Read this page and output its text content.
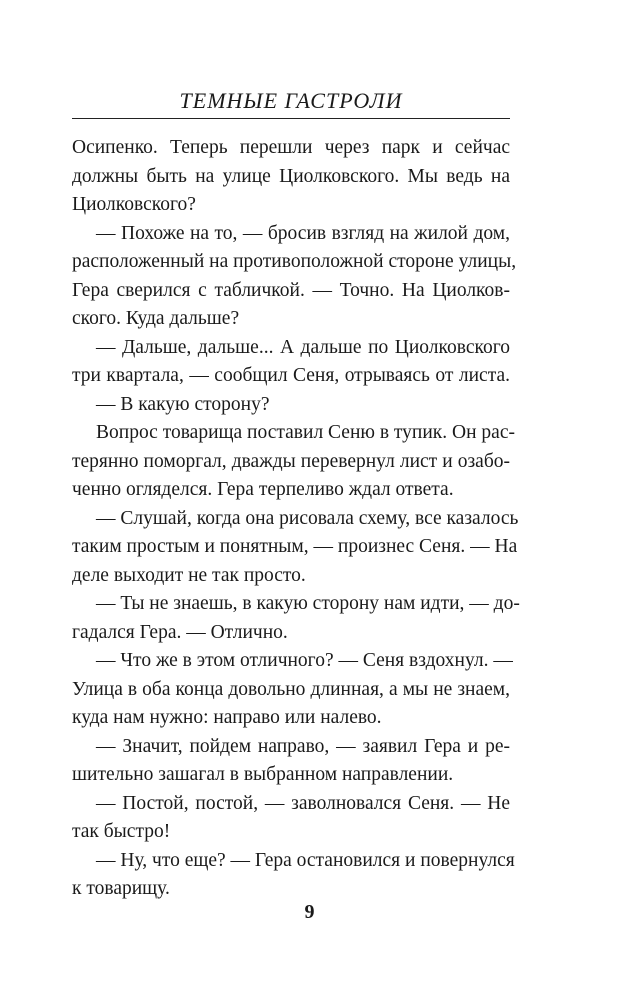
ТЕМНЫЕ ГАСТРОЛИ
Осипенко. Теперь перешли через парк и сейчас
должны быть на улице Циолковского. Мы ведь на
Циолковского?
— Похоже на то, — бросив взгляд на жилой дом,
расположенный на противоположной стороне улицы,
Гера сверился с табличкой. — Точно. На Циолков-
ского. Куда дальше?
— Дальше, дальше... А дальше по Циолковского
три квартала, — сообщил Сеня, отрываясь от листа.
— В какую сторону?
Вопрос товарища поставил Сеню в тупик. Он рас-
терянно поморгал, дважды перевернул лист и озабо-
ченно огляделся. Гера терпеливо ждал ответа.
— Слушай, когда она рисовала схему, все казалось
таким простым и понятным, — произнес Сеня. — На
деле выходит не так просто.
— Ты не знаешь, в какую сторону нам идти, — до-
гадался Гера. — Отлично.
— Что же в этом отличного? — Сеня вздохнул. —
Улица в оба конца довольно длинная, а мы не знаем,
куда нам нужно: направо или налево.
— Значит, пойдем направо, — заявил Гера и ре-
шительно зашагал в выбранном направлении.
— Постой, постой, — заволновался Сеня. — Не
так быстро!
— Ну, что еще? — Гера остановился и повернулся
к товарищу.
9
